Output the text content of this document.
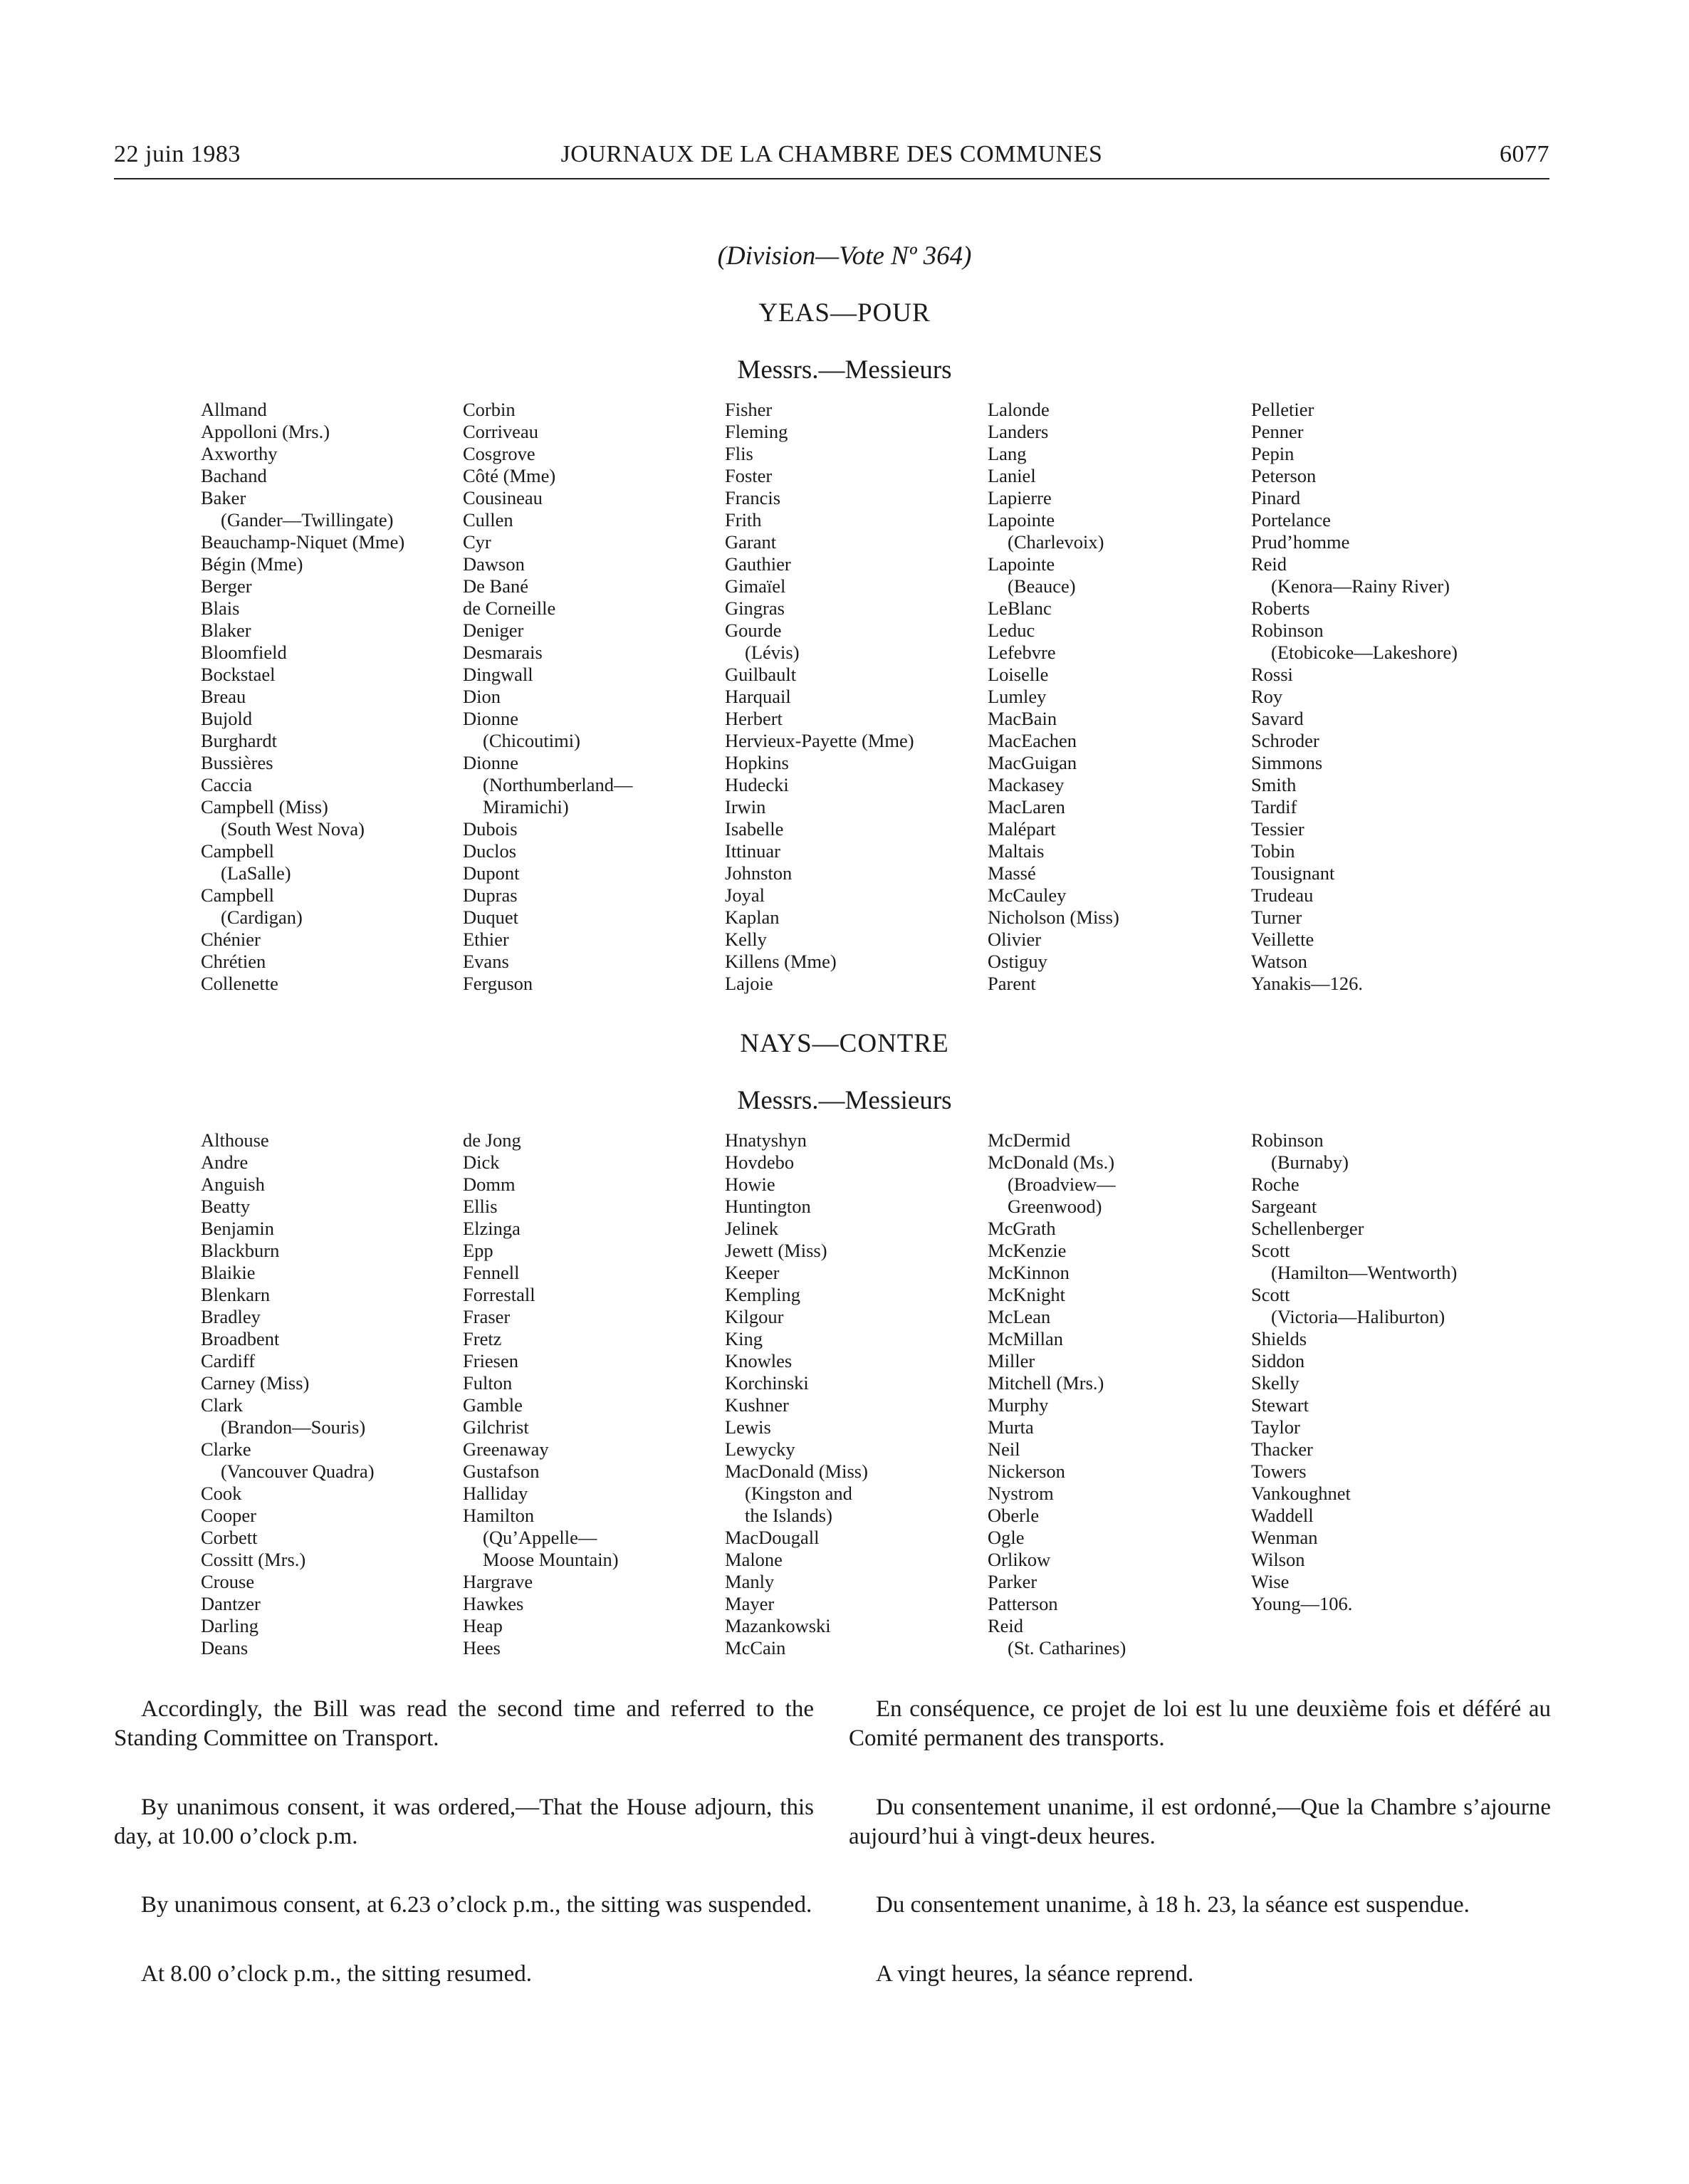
22 juin 1983	JOURNAUX DE LA CHAMBRE DES COMMUNES	6077
(Division—Vote Nº 364)
YEAS—POUR
Messrs.—Messieurs
Allmand
Appolloni (Mrs.)
Axworthy
Bachand
Baker
(Gander—Twillingate)
Beauchamp-Niquet (Mme)
Bégin (Mme)
Berger
Blais
Blaker
Bloomfield
Bockstael
Breau
Bujold
Burghardt
Bussières
Caccia
Campbell (Miss)
(South West Nova)
Campbell
(LaSalle)
Campbell
(Cardigan)
Chénier
Chrétien
Collenette
Corbin
Corriveau
Cosgrove
Côté (Mme)
Cousineau
Cullen
Cyr
Dawson
De Bané
de Corneille
Deniger
Desmarais
Dingwall
Dion
Dionne
(Chicoutimi)
Dionne
(Northumberland—
Miramichi)
Dubois
Duclos
Dupont
Dupras
Duquet
Ethier
Evans
Ferguson
Fisher
Fleming
Flis
Foster
Francis
Frith
Garant
Gauthier
Gimaïel
Gingras
Gourde
(Lévis)
Guilbault
Harquail
Herbert
Hervieux-Payette (Mme)
Hopkins
Hudecki
Irwin
Isabelle
Ittinuar
Johnston
Joyal
Kaplan
Kelly
Killens (Mme)
Lajoie
Lalonde
Landers
Lang
Laniel
Lapierre
Lapointe
(Charlevoix)
Lapointe
(Beauce)
LeBlanc
Leduc
Lefebvre
Loiselle
Lumley
MacBain
MacEachen
MacGuigan
Mackasey
MacLaren
Malépart
Maltais
Massé
McCauley
Nicholson (Miss)
Olivier
Ostiguy
Parent
Pelletier
Penner
Pepin
Peterson
Pinard
Portelance
Prud’homme
Reid
(Kenora—Rainy River)
Roberts
Robinson
(Etobicoke—Lakeshore)
Rossi
Roy
Savard
Schroder
Simmons
Smith
Tardif
Tessier
Tobin
Tousignant
Trudeau
Turner
Veillette
Watson
Yanakis—126.
NAYS—CONTRE
Messrs.—Messieurs
Althouse
Andre
Anguish
Beatty
Benjamin
Blackburn
Blaikie
Blenkarn
Bradley
Broadbent
Cardiff
Carney (Miss)
Clark
(Brandon—Souris)
Clarke
(Vancouver Quadra)
Cook
Cooper
Corbett
Cossitt (Mrs.)
Crouse
Dantzer
Darling
Deans
de Jong
Dick
Domm
Ellis
Elzinga
Epp
Fennell
Forrestall
Fraser
Fretz
Friesen
Fulton
Gamble
Gilchrist
Greenaway
Gustafson
Halliday
Hamilton
(Qu’Appelle—
Moose Mountain)
Hargrave
Hawkes
Heap
Hees
Hnatyshyn
Hovdebo
Howie
Huntington
Jelinek
Jewett (Miss)
Keeper
Kempling
Kilgour
King
Knowles
Korchinski
Kushner
Lewis
Lewycky
MacDonald (Miss)
(Kingston and
the Islands)
MacDougall
Malone
Manly
Mayer
Mazankowski
McCain
McDermid
McDonald (Ms.)
(Broadview—
Greenwood)
McGrath
McKenzie
McKinnon
McKnight
McLean
McMillan
Miller
Mitchell (Mrs.)
Murphy
Murta
Neil
Nickerson
Nystrom
Oberle
Ogle
Orlikow
Parker
Patterson
Reid
(St. Catharines)
Robinson
(Burnaby)
Roche
Sargeant
Schellenberger
Scott
(Hamilton—Wentworth)
Scott
(Victoria—Haliburton)
Shields
Siddon
Skelly
Stewart
Taylor
Thacker
Towers
Vankoughnet
Waddell
Wenman
Wilson
Wise
Young—106.

Accordingly, the Bill was read the second time and referred to the Standing Committee on Transport.

En conséquence, ce projet de loi est lu une deuxième fois et déféré au Comité permanent des transports.

By unanimous consent, it was ordered,—That the House adjourn, this day, at 10.00 o’clock p.m.

Du consentement unanime, il est ordonné,—Que la Chambre s’ajourne aujourd’hui à vingt-deux heures.

By unanimous consent, at 6.23 o’clock p.m., the sitting was suspended.	Du consentement unanime, à 18 h. 23, la séance est suspendue.

At 8.00 o’clock p.m., the sitting resumed.	A vingt heures, la séance reprend.
